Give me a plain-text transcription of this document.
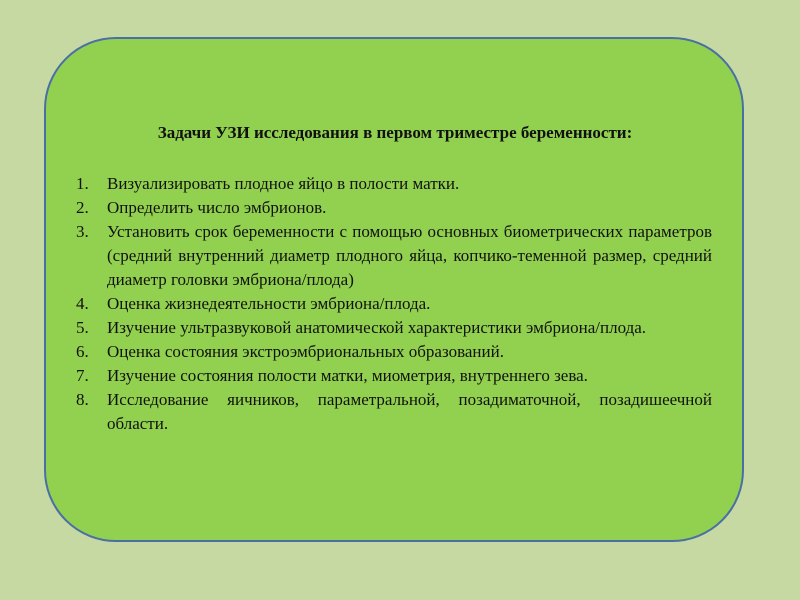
Задачи УЗИ исследования в первом триместре беременности:
1.	Визуализировать плодное яйцо в полости матки.
2.	Определить число эмбрионов.
3.	Установить срок беременности с помощью основных биометрических параметров (средний внутренний диаметр плодного яйца, копчико-теменной размер, средний диаметр головки эмбриона/плода)
4.	Оценка жизнедеятельности эмбриона/плода.
5.	Изучение ультразвуковой анатомической характеристики эмбриона/плода.
6.	Оценка состояния экстроэмбриональных образований.
7.	Изучение состояния полости матки, миометрия, внутреннего зева.
8.	Исследование яичников, параметральной, позадиматочной, позадишеечной области.
